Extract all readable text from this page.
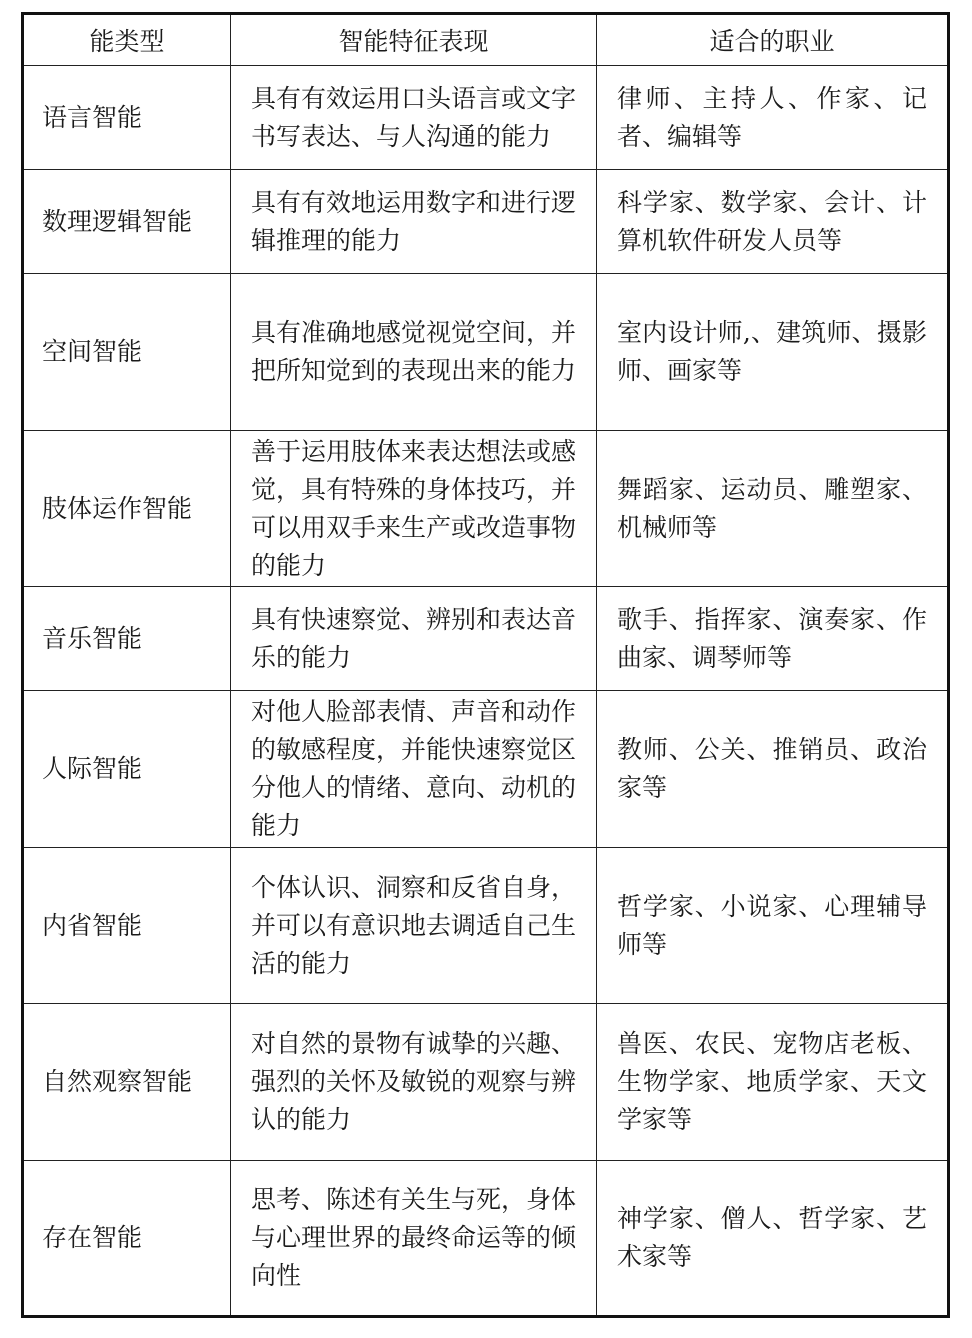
能类型	智能特征表现	适合的职业
语言智能	具有有效运用口头语言或文字书写表达、与人沟通的能力	律师、主持人、作家、记者、编辑等
数理逻辑智能	具有有效地运用数字和进行逻辑推理的能力	科学家、数学家、会计、计算机软件研发人员等
空间智能	具有准确地感觉视觉空间，并把所知觉到的表现出来的能力	室内设计师,、建筑师、摄影师、画家等
肢体运作智能	善于运用肢体来表达想法或感觉，具有特殊的身体技巧，并可以用双手来生产或改造事物的能力	舞蹈家、运动员、雕塑家、机械师等
音乐智能	具有快速察觉、辨别和表达音乐的能力	歌手、指挥家、演奏家、作曲家、调琴师等
人际智能	对他人脸部表情、声音和动作的敏感程度，并能快速察觉区分他人的情绪、意向、动机的能力	教师、公关、推销员、政治家等
内省智能	个体认识、洞察和反省自身，并可以有意识地去调适自己生活的能力	哲学家、小说家、心理辅导师等
自然观察智能	对自然的景物有诚挚的兴趣、强烈的关怀及敏锐的观察与辨认的能力	兽医、农民、宠物店老板、生物学家、地质学家、天文学家等
存在智能	思考、陈述有关生与死，身体与心理世界的最终命运等的倾向性	神学家、僧人、哲学家、艺术家等
